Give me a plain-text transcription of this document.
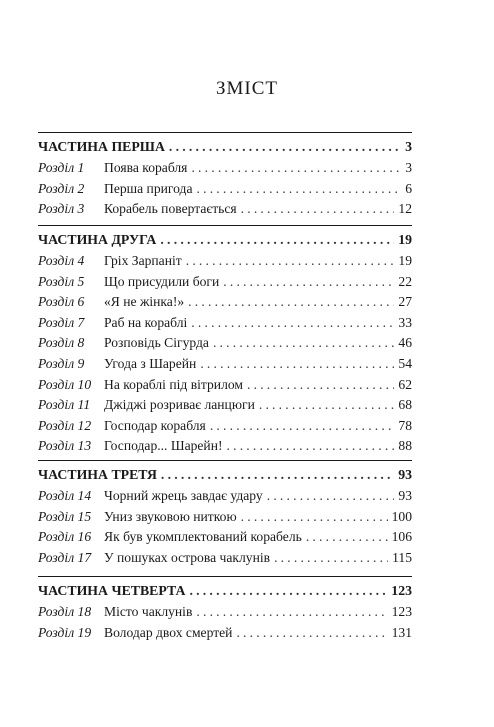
ЗМІСТ
ЧАСТИНА ПЕРША .....	3
Розділ 1	Поява корабля .....	3
Розділ 2	Перша пригода .....	6
Розділ 3	Корабель повертається .....	12
ЧАСТИНА ДРУГА .....	19
Розділ 4	Гріх Зарпаніт .....	19
Розділ 5	Що присудили боги .....	22
Розділ 6	«Я не жінка!» .....	27
Розділ 7	Раб на кораблі .....	33
Розділ 8	Розповідь Сігурда .....	46
Розділ 9	Угода з Шарейн .....	54
Розділ 10 На кораблі під вітрилом .....	62
Розділ 11	Джіджі розриває ланцюги .....	68
Розділ 12 Господар корабля .....	78
Розділ 13 Господар... Шарейн! .....	88
ЧАСТИНА ТРЕТЯ .....	93
Розділ 14 Чорний жрець завдає удару .....	93
Розділ 15 Униз звуковою ниткою .....	100
Розділ 16 Як був укомплектований корабель .....	106
Розділ 17 У пошуках острова чаклунів .....	115
ЧАСТИНА ЧЕТВЕРТА .....	123
Розділ 18 Місто чаклунів .....	123
Розділ 19 Володар двох смертей .....	131
